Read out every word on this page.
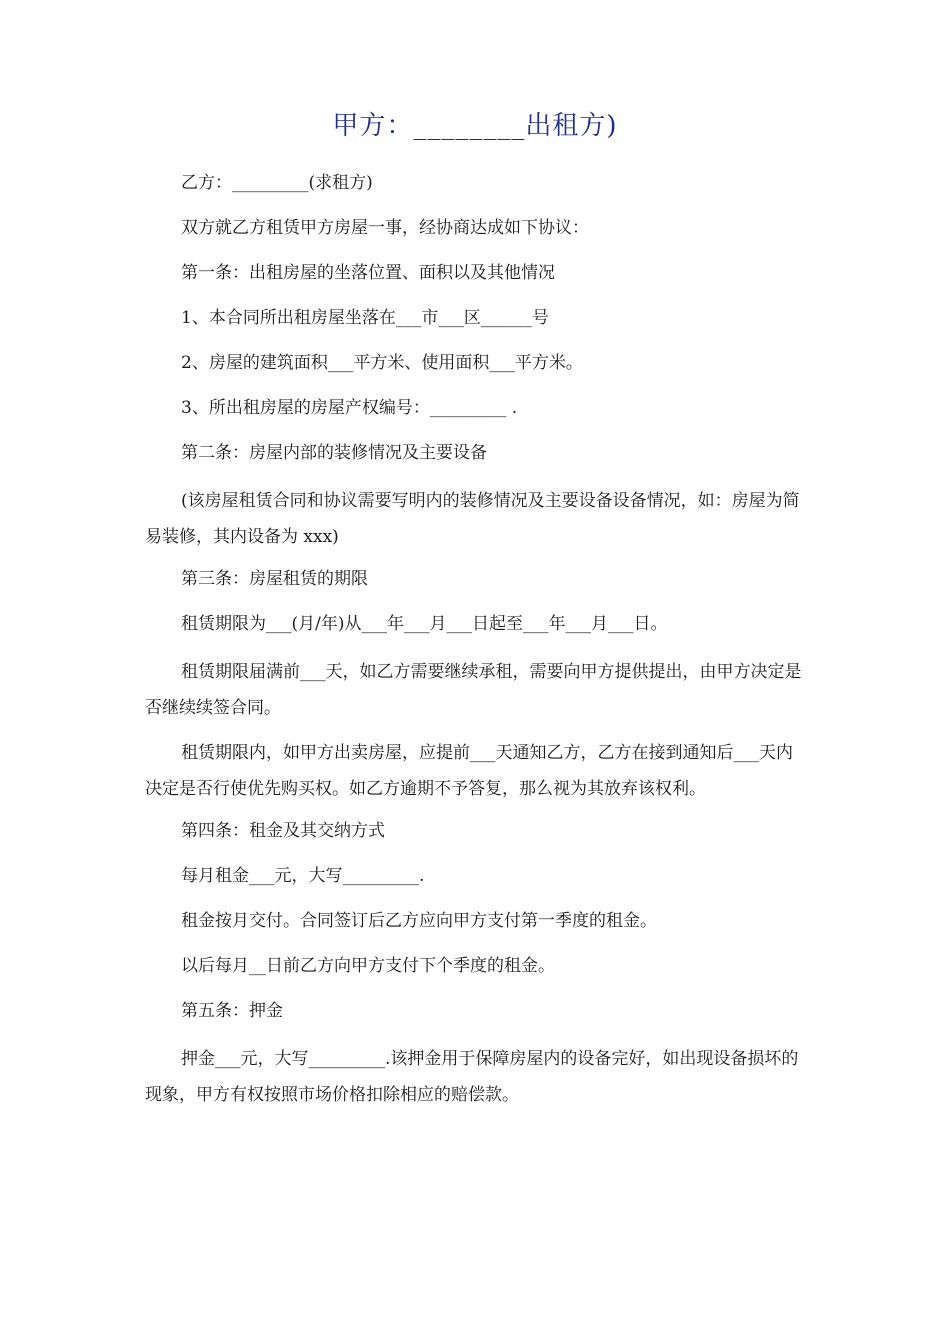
甲方：________出租方)

乙方：_________(求租方)

双方就乙方租赁甲方房屋一事，经协商达成如下协议：

第一条：出租房屋的坐落位置、面积以及其他情况

1、本合同所出租房屋坐落在___市___区______号

2、房屋的建筑面积___平方米、使用面积___平方米。

3、所出租房屋的房屋产权编号：_________ .

第二条：房屋内部的装修情况及主要设备

(该房屋租赁合同和协议需要写明内的装修情况及主要设备设备情况，如：房屋为简易装修，其内设备为 xxx)

第三条：房屋租赁的期限

租赁期限为___(月/年)从___年___月___日起至___年___月___日。

租赁期限届满前___天，如乙方需要继续承租，需要向甲方提供提出，由甲方决定是否继续续签合同。

租赁期限内，如甲方出卖房屋，应提前___天通知乙方，乙方在接到通知后___天内决定是否行使优先购买权。如乙方逾期不予答复，那么视为其放弃该权利。

第四条：租金及其交纳方式

每月租金___元，大写_________.

租金按月交付。合同签订后乙方应向甲方支付第一季度的租金。

以后每月__日前乙方向甲方支付下个季度的租金。

第五条：押金

押金___元，大写_________.该押金用于保障房屋内的设备完好，如出现设备损坏的现象，甲方有权按照市场价格扣除相应的赔偿款。
